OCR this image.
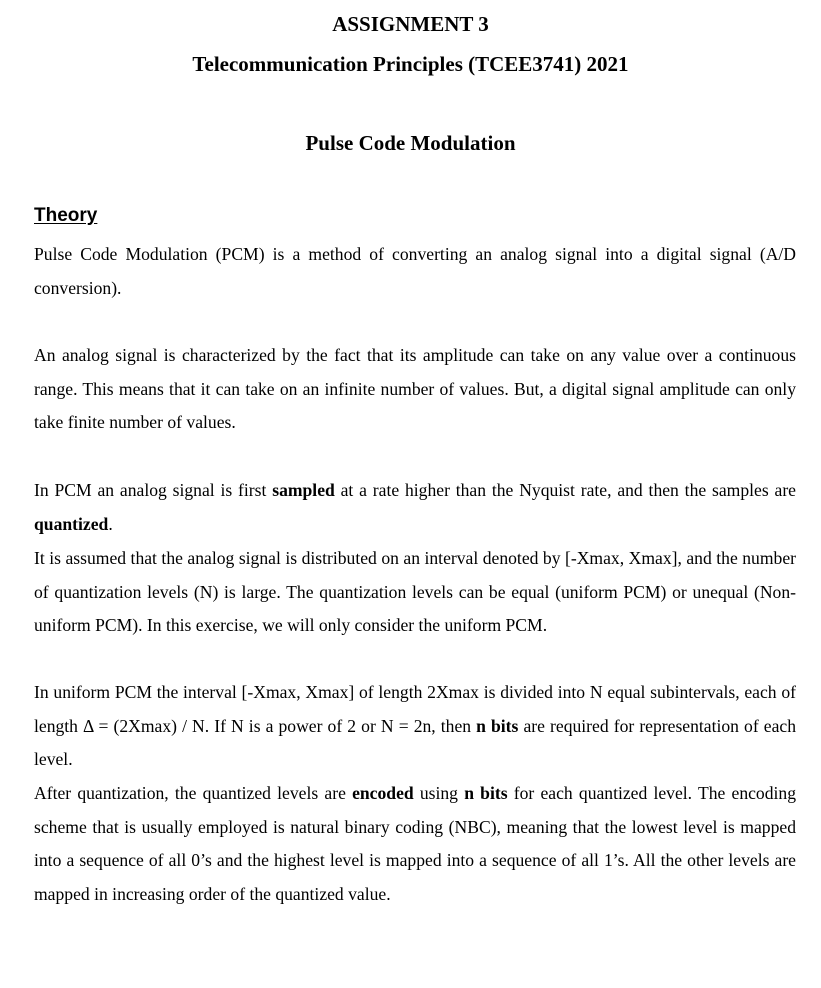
ASSIGNMENT 3
Telecommunication Principles (TCEE3741) 2021
Pulse Code Modulation
Theory

Pulse Code Modulation (PCM) is a method of converting an analog signal into a digital signal (A/D conversion).

An analog signal is characterized by the fact that its amplitude can take on any value over a continuous range. This means that it can take on an infinite number of values. But, a digital signal amplitude can only take finite number of values.

In PCM an analog signal is first sampled at a rate higher than the Nyquist rate, and then the samples are quantized.

It is assumed that the analog signal is distributed on an interval denoted by [-Xmax, Xmax], and the number of quantization levels (N) is large. The quantization levels can be equal (uniform PCM) or unequal (Non-uniform PCM). In this exercise, we will only consider the uniform PCM.

In uniform PCM the interval [-Xmax, Xmax] of length 2Xmax is divided into N equal subintervals, each of length Δ = (2Xmax) / N. If N is a power of 2 or N = 2n, then n bits are required for representation of each level.

After quantization, the quantized levels are encoded using n bits for each quantized level. The encoding scheme that is usually employed is natural binary coding (NBC), meaning that the lowest level is mapped into a sequence of all 0’s and the highest level is mapped into a sequence of all 1’s. All the other levels are mapped in increasing order of the quantized value.
